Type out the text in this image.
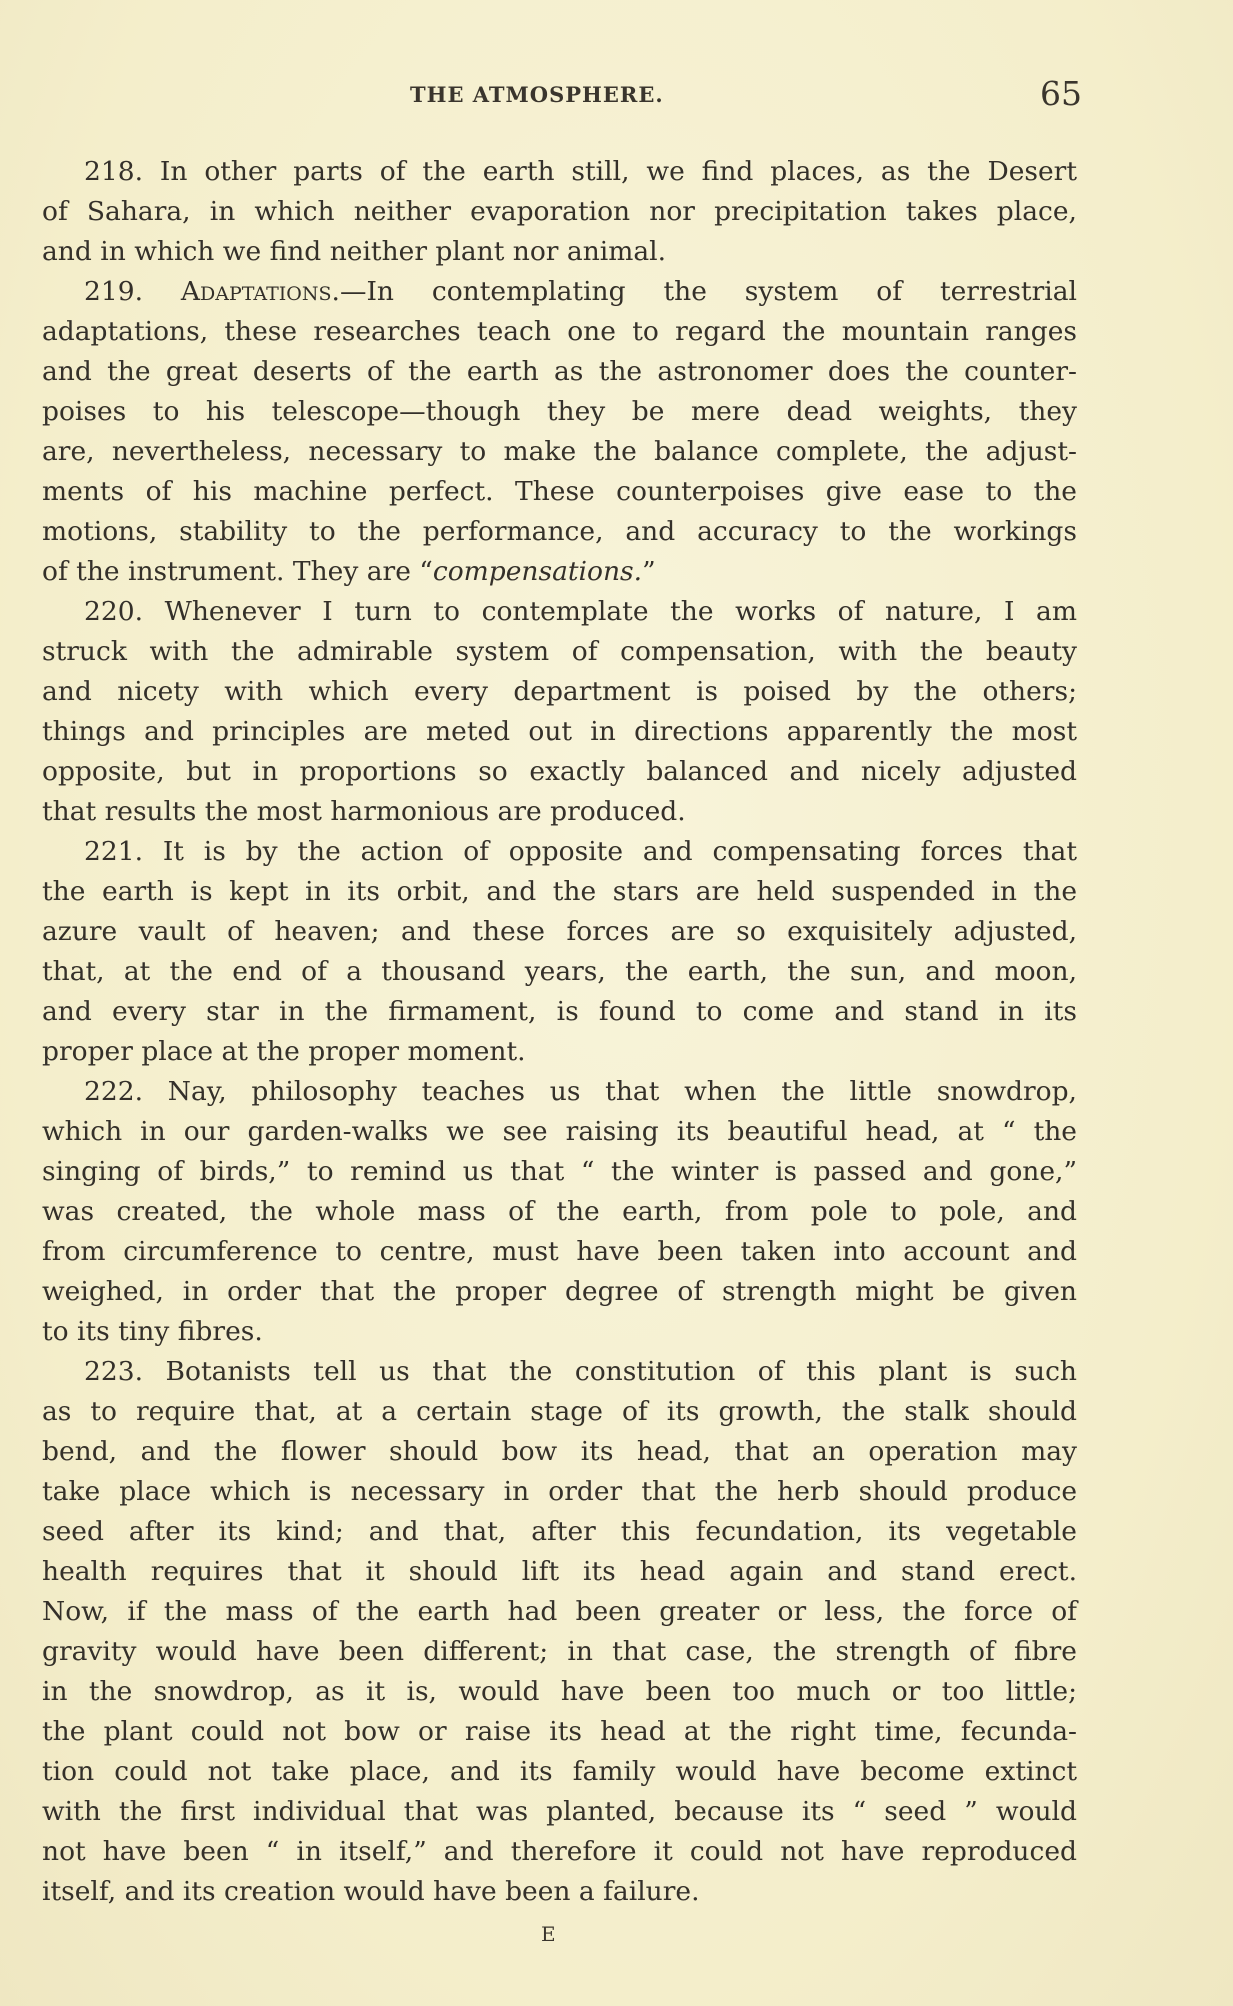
THE ATMOSPHERE.	65
218. In other parts of the earth still, we find places, as the Desert
of Sahara, in which neither evaporation nor precipitation takes place,
and in which we find neither plant nor animal.
219. Adaptations.—In contemplating the system of terrestrial
adaptations, these researches teach one to regard the mountain ranges
and the great deserts of the earth as the astronomer does the counter-
poises to his telescope—though they be mere dead weights, they
are, nevertheless, necessary to make the balance complete, the adjust-
ments of his machine perfect. These counterpoises give ease to the
motions, stability to the performance, and accuracy to the workings
of the instrument. They are “compensations.”
220. Whenever I turn to contemplate the works of nature, I am
struck with the admirable system of compensation, with the beauty
and nicety with which every department is poised by the others;
things and principles are meted out in directions apparently the most
opposite, but in proportions so exactly balanced and nicely adjusted
that results the most harmonious are produced.
221. It is by the action of opposite and compensating forces that
the earth is kept in its orbit, and the stars are held suspended in the
azure vault of heaven; and these forces are so exquisitely adjusted,
that, at the end of a thousand years, the earth, the sun, and moon,
and every star in the firmament, is found to come and stand in its
proper place at the proper moment.
222. Nay, philosophy teaches us that when the little snowdrop,
which in our garden-walks we see raising its beautiful head, at “ the
singing of birds,” to remind us that “ the winter is passed and gone,”
was created, the whole mass of the earth, from pole to pole, and
from circumference to centre, must have been taken into account and
weighed, in order that the proper degree of strength might be given
to its tiny fibres.
223. Botanists tell us that the constitution of this plant is such
as to require that, at a certain stage of its growth, the stalk should
bend, and the flower should bow its head, that an operation may
take place which is necessary in order that the herb should produce
seed after its kind; and that, after this fecundation, its vegetable
health requires that it should lift its head again and stand erect.
Now, if the mass of the earth had been greater or less, the force of
gravity would have been different; in that case, the strength of fibre
in the snowdrop, as it is, would have been too much or too little;
the plant could not bow or raise its head at the right time, fecunda-
tion could not take place, and its family would have become extinct
with the first individual that was planted, because its “ seed ” would
not have been “ in itself,” and therefore it could not have reproduced
itself, and its creation would have been a failure.
E
